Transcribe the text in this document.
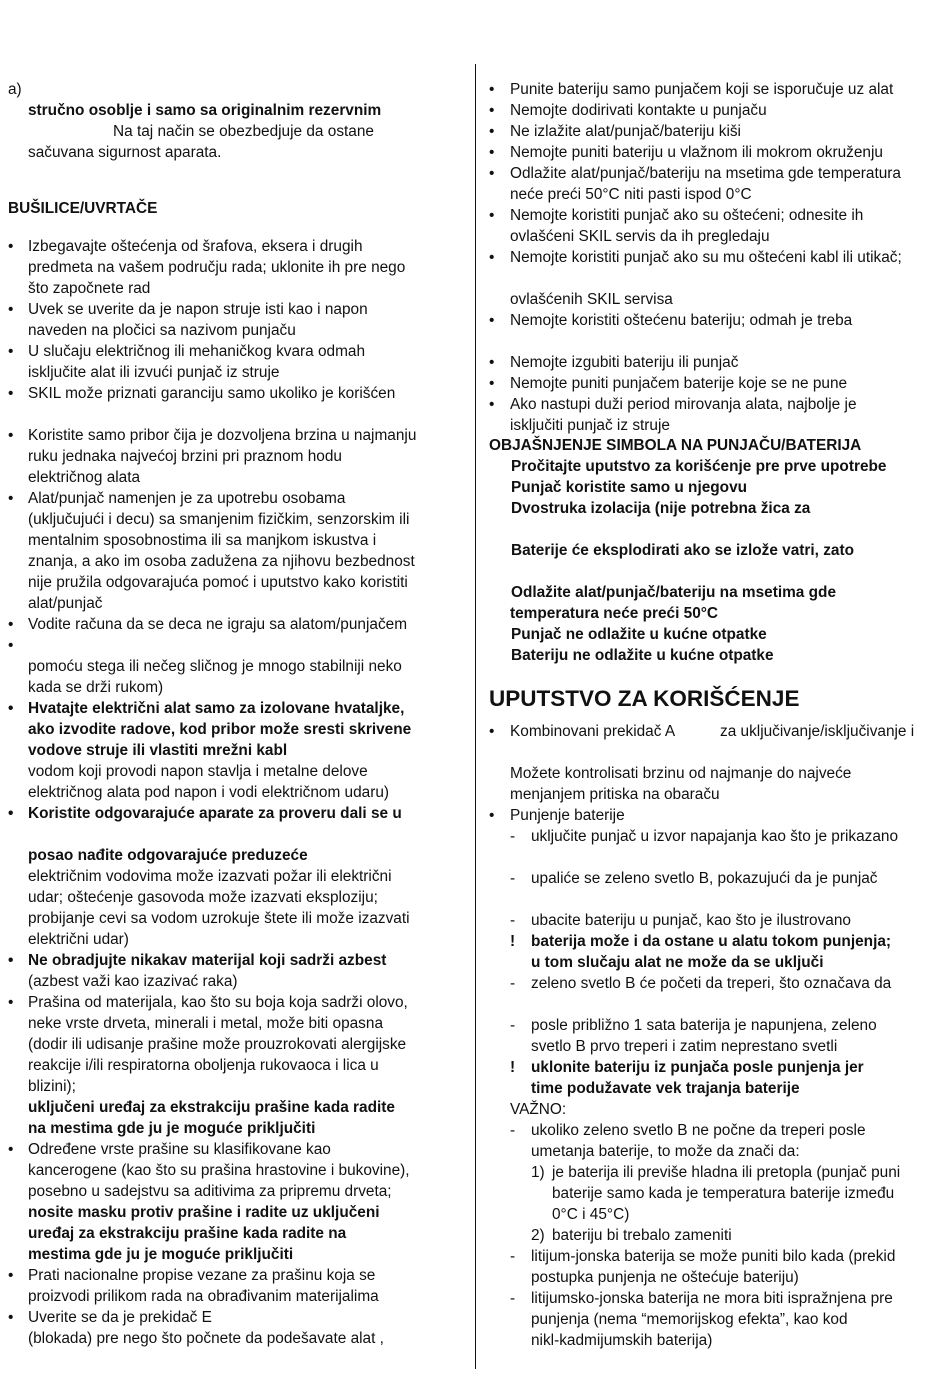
a)
stručno osoblje i samo sa originalnim rezervnim
Na taj način se obezbedjuje da ostane
sačuvana sigurnost aparata.
BUŠILICE/UVRTAČE
• Izbegavajte oštećenja od šrafova, eksera i drugih
predmeta na vašem području rada; uklonite ih pre nego
što započnete rad
• Uvek se uverite da je napon struje isti kao i napon
naveden na pločici sa nazivom punjaču
• U slučaju električnog ili mehaničkog kvara odmah
isključite alat ili izvući punjač iz struje
• SKIL može priznati garanciju samo ukoliko je korišćen
• Koristite samo pribor čija je dozvoljena brzina u najmanju
ruku jednaka najvećoj brzini pri praznom hodu
električnog alata
• Alat/punjač namenjen je za upotrebu osobama
(uključujući i decu) sa smanjenim fizičkim, senzorskim ili
mentalnim sposobnostima ili sa manjkom iskustva i
znanja, a ako im osoba zadužena za njihovu bezbednost
nije pružila odgovarajuća pomoć i uputstvo kako koristiti
alat/punjač
• Vodite računa da se deca ne igraju sa alatom/punjačem
•
pomoću stega ili nečeg sličnog je mnogo stabilniji neko
kada se drži rukom)
• Hvatajte električni alat samo za izolovane hvataljke,
ako izvodite radove, kod pribor može sresti skrivene
vodove struje ili vlastiti mrežni kabl
vodom koji provodi napon stavlja i metalne delove
električnog alata pod napon i vodi električnom udaru)
• Koristite odgovarajuće aparate za proveru dali se u
posao nađite odgovarajuće preduzeće
električnim vodovima može izazvati požar ili električni
udar; oštećenje gasovoda može izazvati eksploziju;
probijanje cevi sa vodom uzrokuje štete ili može izazvati
električni udar)
• Ne obradjujte nikakav materijal koji sadrži azbest
(azbest važi kao izazivać raka)
• Prašina od materijala, kao što su boja koja sadrži olovo,
neke vrste drveta, minerali i metal, može biti opasna
(dodir ili udisanje prašine može prouzrokovati alergijske
reakcije i/ili respiratorna oboljenja rukovaoca i lica u
blizini);
uključeni uređaj za ekstrakciju prašine kada radite
na mestima gde ju je moguće priključiti
• Određene vrste prašine su klasifikovane kao
kancerogene (kao što su prašina hrastovine i bukovine),
posebno u sadejstvu sa aditivima za pripremu drveta;
nosite masku protiv prašine i radite uz uključeni
uređaj za ekstrakciju prašine kada radite na
mestima gde ju je moguće priključiti
• Prati nacionalne propise vezane za prašinu koja se
proizvodi prilikom rada na obrađivanim materijalima
• Uverite se da je prekidač E
(blokada) pre nego što počnete da podešavate alat ,
• Punite bateriju samo punjačem koji se isporučuje uz alat
• Nemojte dodirivati kontakte u punjaču
• Ne izlažite alat/punjač/bateriju kiši
• Nemojte puniti bateriju u vlažnom ili mokrom okruženju
• Odlažite alat/punjač/bateriju na msetima gde temperatura
neće preći 50°C niti pasti ispod 0°C
• Nemojte koristiti punjač ako su oštećeni; odnesite ih
ovlašćeni SKIL servis da ih pregledaju
• Nemojte koristiti punjač ako su mu oštećeni kabl ili utikač;
ovlašćenih SKIL servisa
• Nemojte koristiti oštećenu bateriju; odmah je treba
• Nemojte izgubiti bateriju ili punjač
• Nemojte puniti punjačem baterije koje se ne pune
• Ako nastupi duži period mirovanja alata, najbolje je
isključiti punjač iz struje
OBJAŠNJENJE SIMBOLA NA PUNJAČU/BATERIJA
Pročitajte uputstvo za korišćenje pre prve upotrebe
Punjač koristite samo u njegovu
Dvostruka izolacija (nije potrebna žica za
Baterije će eksplodirati ako se izlože vatri, zato
Odlažite alat/punjač/bateriju na msetima gde
temperatura neće preći 50°C
Punjač ne odlažite u kućne otpatke
Bateriju ne odlažite u kućne otpatke
UPUTSTVO ZA KORIŠĆENJE
• Kombinovani prekidač A	za uključivanje/isključivanje i
Možete kontrolisati brzinu od najmanje do najveće
menjanjem pritiska na obaraču
• Punjenje baterije
- uključite punjač u izvor napajanja kao što je prikazano
- upaliće se zeleno svetlo B, pokazujući da je punjač
- ubacite bateriju u punjač, kao što je ilustrovano
! baterija može i da ostane u alatu tokom punjenja;
u tom slučaju alat ne može da se uključi
- zeleno svetlo B će početi da treperi, što označava da
- posle približno 1 sata baterija je napunjena, zeleno
svetlo B prvo treperi i zatim neprestano svetli
! uklonite bateriju iz punjača posle punjenja jer
time podužavate vek trajanja baterije
VAŽNO:
- ukoliko zeleno svetlo B ne počne da treperi posle
umetanja baterije, to može da znači da:
1) je baterija ili previše hladna ili pretopla (punjač puni
baterije samo kada je temperatura baterije između
0°C i 45°C)
2) bateriju bi trebalo zameniti
- litijum-jonska baterija se može puniti bilo kada (prekid
postupka punjenja ne oštećuje bateriju)
- litijumsko-jonska baterija ne mora biti ispražnjena pre
punjenja (nema “memorijskog efekta”, kao kod
nikl-kadmijumskih baterija)
